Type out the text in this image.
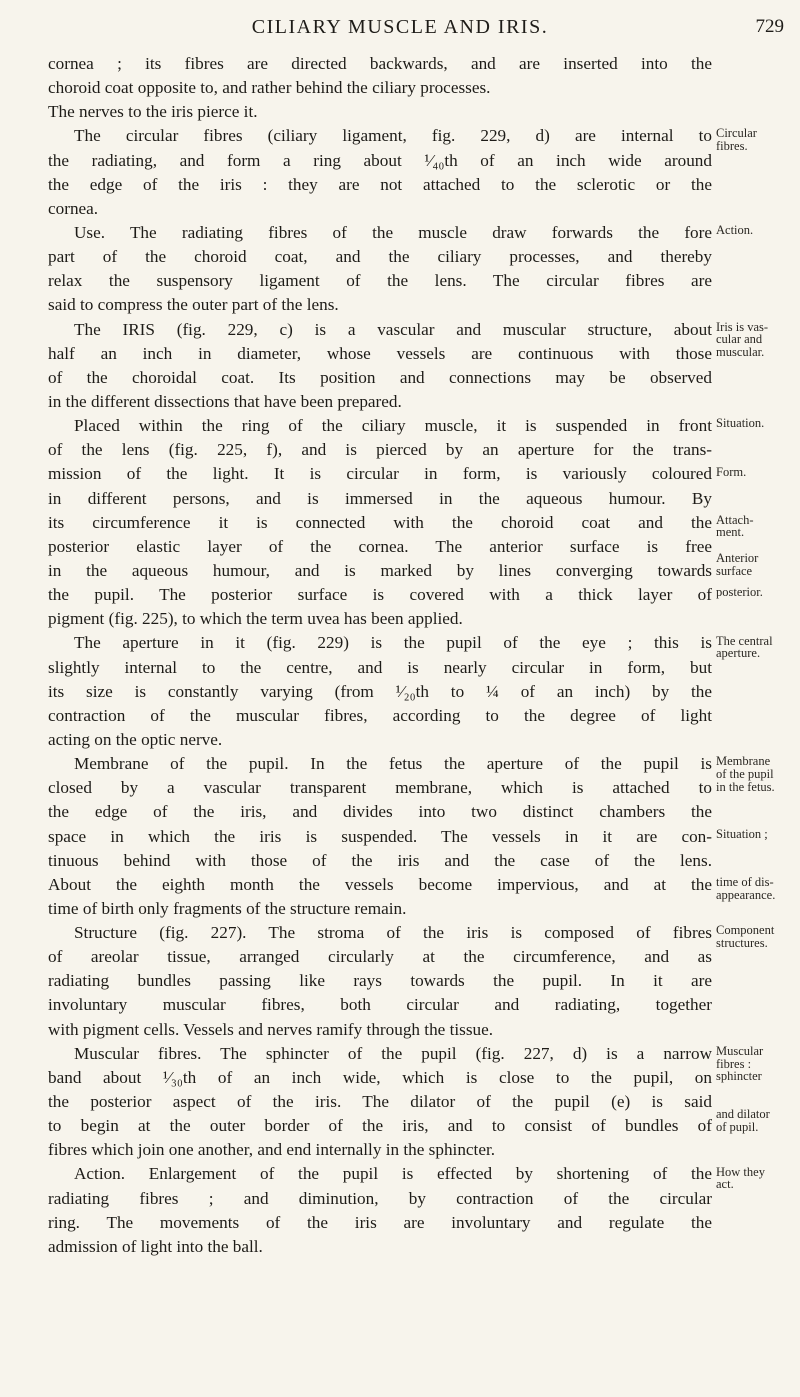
CILIARY MUSCLE AND IRIS.	729
cornea ; its fibres are directed backwards, and are inserted into the
choroid coat opposite to, and rather behind the ciliary processes.
The nerves to the iris pierce it.
The circular fibres (ciliary ligament, fig. 229, d) are internal to
the radiating, and form a ring about ¹⁄₄₀th of an inch wide around
the edge of the iris : they are not attached to the sclerotic or the
cornea.
Use. The radiating fibres of the muscle draw forwards the fore
part of the choroid coat, and the ciliary processes, and thereby
relax the suspensory ligament of the lens. The circular fibres are
said to compress the outer part of the lens.
The IRIS (fig. 229, c) is a vascular and muscular structure, about
half an inch in diameter, whose vessels are continuous with those
of the choroidal coat. Its position and connections may be observed
in the different dissections that have been prepared.
Placed within the ring of the ciliary muscle, it is suspended in front
of the lens (fig. 225, f), and is pierced by an aperture for the trans-
mission of the light. It is circular in form, is variously coloured
in different persons, and is immersed in the aqueous humour. By
its circumference it is connected with the choroid coat and the
posterior elastic layer of the cornea. The anterior surface is free
in the aqueous humour, and is marked by lines converging towards
the pupil. The posterior surface is covered with a thick layer of
pigment (fig. 225), to which the term uvea has been applied.
The aperture in it (fig. 229) is the pupil of the eye ; this is
slightly internal to the centre, and is nearly circular in form, but
its size is constantly varying (from ¹⁄₂₀th to ¼ of an inch) by the
contraction of the muscular fibres, according to the degree of light
acting on the optic nerve.
Membrane of the pupil. In the fetus the aperture of the pupil is
closed by a vascular transparent membrane, which is attached to
the edge of the iris, and divides into two distinct chambers the
space in which the iris is suspended. The vessels in it are con-
tinuous behind with those of the iris and the case of the lens.
About the eighth month the vessels become impervious, and at the
time of birth only fragments of the structure remain.
Structure (fig. 227). The stroma of the iris is composed of fibres
of areolar tissue, arranged circularly at the circumference, and as
radiating bundles passing like rays towards the pupil. In it are
involuntary muscular fibres, both circular and radiating, together
with pigment cells. Vessels and nerves ramify through the tissue.
Muscular fibres. The sphincter of the pupil (fig. 227, d) is a narrow
band about ¹⁄₃₀th of an inch wide, which is close to the pupil, on
the posterior aspect of the iris. The dilator of the pupil (e) is said
to begin at the outer border of the iris, and to consist of bundles of
fibres which join one another, and end internally in the sphincter.
Action. Enlargement of the pupil is effected by shortening of the
radiating fibres ; and diminution, by contraction of the circular
ring. The movements of the iris are involuntary and regulate the
admission of light into the ball.
Circular
fibres.
Action.
Iris is vas-
cular and
muscular.
Situation.
Form.
Attach-
ment.
Anterior
surface
posterior.
The central
aperture.
Membrane
of the pupil
in the fetus.
Situation ;
time of dis-
appearance.
Component
structures.
Muscular
fibres :
sphincter
and dilator
of pupil.
How they
act.
